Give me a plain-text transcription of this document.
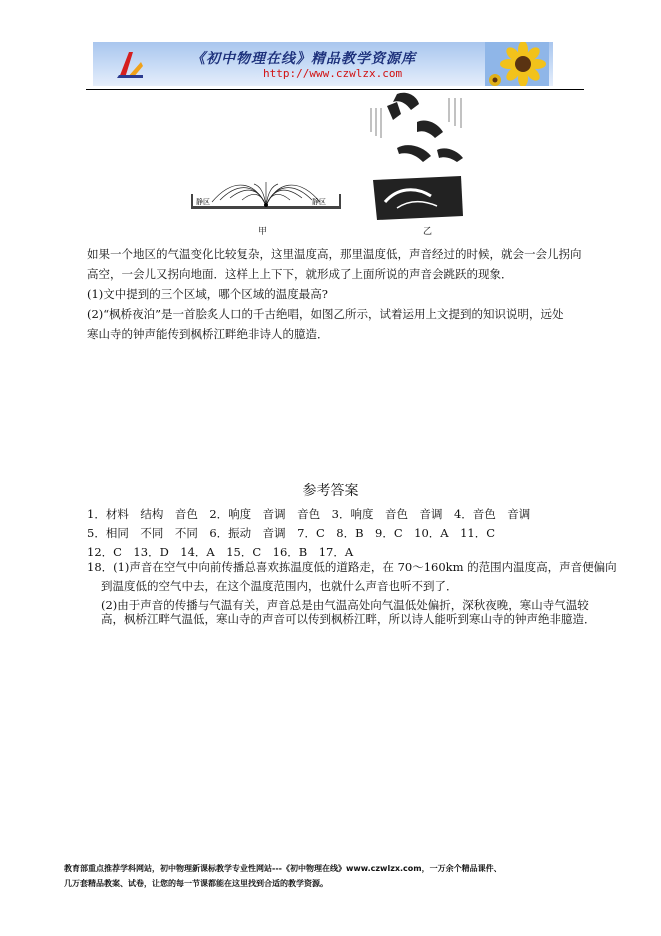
《初中物理在线》精品教学资源库
http://www.czwlzx.com
静区	静区
甲	乙
如果一个地区的气温变化比较复杂，这里温度高，那里温度低，声音经过的时候，就会一会儿拐向
高空，一会儿又拐向地面．这样上上下下，就形成了上面所说的声音会跳跃的现象．
(1)文中提到的三个区域，哪个区域的温度最高?
(2)“枫桥夜泊”是一首脍炙人口的千古绝唱，如图乙所示，试着运用上文提到的知识说明，远处
寒山寺的钟声能传到枫桥江畔绝非诗人的臆造．
参考答案
1．材料　结构　音色　2．响度　音调　音色　3．响度　音色　音调　4．音色　音调
5．相同　不同　不同　6．振动　音调　7．C　8．B　9．C　10．A　11．C
12．C　13．D　14．A　15．C　16．B　17．A
18．(1)声音在空气中向前传播总喜欢拣温度低的道路走，在 70～160km 的范围内温度高，声音便偏向
到温度低的空气中去，在这个温度范围内，也就什么声音也听不到了．
(2)由于声音的传播与气温有关，声音总是由气温高处向气温低处偏折，深秋夜晚，寒山寺气温较
高，枫桥江畔气温低，寒山寺的声音可以传到枫桥江畔，所以诗人能听到寒山寺的钟声绝非臆造．
教育部重点推荐学科网站，初中物理新课标教学专业性网站---《初中物理在线》www.czwlzx.com，一万余个精品课件、
几万套精品教案、试卷，让您的每一节课都能在这里找到合适的教学资源。
